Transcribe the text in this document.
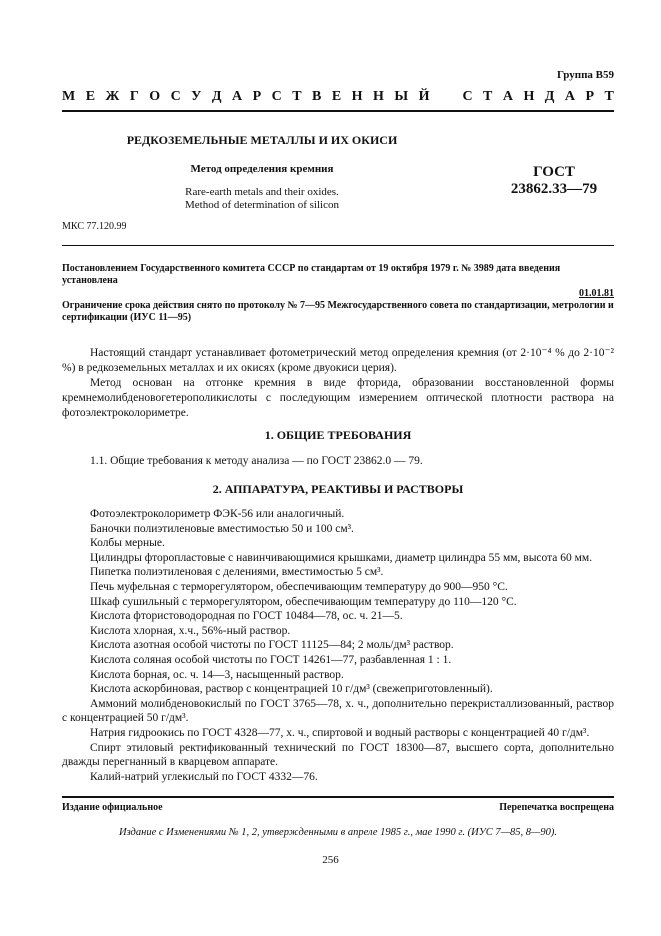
Группа В59
М Е Ж Г О С У Д А Р С Т В Е Н Н Ы Й С Т А Н Д А Р Т
РЕДКОЗЕМЕЛЬНЫЕ МЕТАЛЛЫ И ИХ ОКИСИ
Метод определения кремния
Rare-earth metals and their oxides.
Method of determination of silicon
ГОСТ
23862.33—79
МКС 77.120.99
Постановлением Государственного комитета СССР по стандартам от 19 октября 1979 г. № 3989 дата введения установлена
01.01.81
Ограничение срока действия снято по протоколу № 7—95 Межгосударственного совета по стандартизации, метрологии и сертификации (ИУС 11—95)
Настоящий стандарт устанавливает фотометрический метод определения кремния (от 2·10⁻⁴ % до 2·10⁻² %) в редкоземельных металлах и их окисях (кроме двуокиси церия).
Метод основан на отгонке кремния в виде фторида, образовании восстановленной формы кремнемолибденовогетерополикислоты с последующим измерением оптической плотности раствора на фотоэлектроколориметре.
1. ОБЩИЕ ТРЕБОВАНИЯ
1.1. Общие требования к методу анализа — по ГОСТ 23862.0 — 79.
2. АППАРАТУРА, РЕАКТИВЫ И РАСТВОРЫ
Фотоэлектроколориметр ФЭК-56 или аналогичный.
Баночки полиэтиленовые вместимостью 50 и 100 см³.
Колбы мерные.
Цилиндры фторопластовые с навинчивающимися крышками, диаметр цилиндра 55 мм, высота 60 мм.
Пипетка полиэтиленовая с делениями, вместимостью 5 см³.
Печь муфельная с терморегулятором, обеспечивающим температуру до 900—950 °С.
Шкаф сушильный с терморегулятором, обеспечивающим температуру до 110—120 °С.
Кислота фтористоводородная по ГОСТ 10484—78, ос. ч. 21—5.
Кислота хлорная, х.ч., 56%-ный раствор.
Кислота азотная особой чистоты по ГОСТ 11125—84; 2 моль/дм³ раствор.
Кислота соляная особой чистоты по ГОСТ 14261—77, разбавленная 1 : 1.
Кислота борная, ос. ч. 14—3, насыщенный раствор.
Кислота аскорбиновая, раствор с концентрацией 10 г/дм³ (свежеприготовленный).
Аммоний молибденовокислый по ГОСТ 3765—78, х. ч., дополнительно перекристаллизованный, раствор с концентрацией 50 г/дм³.
Натрия гидроокись по ГОСТ 4328—77, х. ч., спиртовой и водный растворы с концентрацией 40 г/дм³.
Спирт этиловый ректификованный технический по ГОСТ 18300—87, высшего сорта, дополнительно дважды перегнанный в кварцевом аппарате.
Калий-натрий углекислый по ГОСТ 4332—76.
Издание официальное	Перепечатка воспрещена
Издание с Изменениями № 1, 2, утвержденными в апреле 1985 г., мае 1990 г. (ИУС 7—85, 8—90).
256
